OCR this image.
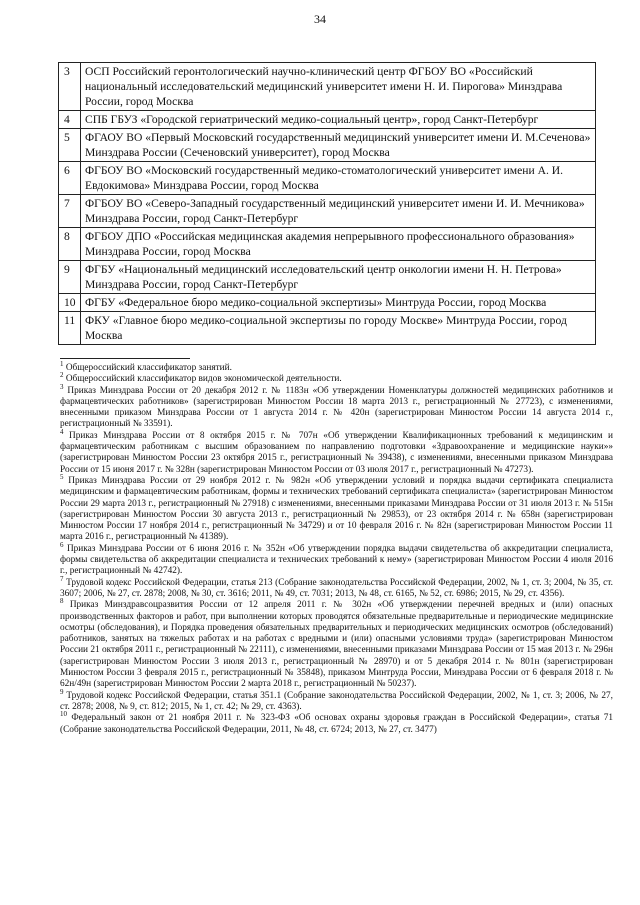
34
3	ОСП Российский геронтологический научно-клинический центр ФГБОУ ВО «Российский национальный исследовательский медицинский университет имени Н. И. Пирогова» Минздрава России, город Москва
4	СПБ ГБУЗ «Городской гериатрический медико-социальный центр», город Санкт-Петербург
5	ФГАОУ ВО «Первый Московский государственный медицинский университет имени И. М.Сеченова» Минздрава России (Сеченовский университет), город Москва
6	ФГБОУ ВО «Московский государственный медико-стоматологический университет имени А. И. Евдокимова» Минздрава России, город Москва
7	ФГБОУ ВО «Северо-Западный государственный медицинский университет имени И. И. Мечникова» Минздрава России, город Санкт-Петербург
8	ФГБОУ ДПО «Российская медицинская академия непрерывного профессионального образования» Минздрава России, город Москва
9	ФГБУ «Национальный медицинский исследовательский центр онкологии имени Н. Н. Петрова» Минздрава России, город Санкт-Петербург
10	ФГБУ «Федеральное бюро медико-социальной экспертизы» Минтруда России, город Москва
11	ФКУ «Главное бюро медико-социальной экспертизы по городу Москве» Минтруда России, город Москва

$^1$ Общероссийский классификатор занятий.

$^2$ Общероссийский классификатор видов экономической деятельности.

$^3$ Приказ Минздрава России от 20 декабря 2012 г. № 1183н «Об утверждении Номенклатуры должностей медицинских работников и фармацевтических работников» (зарегистрирован Минюстом России 18 марта 2013 г., регистрационный № 27723), с изменениями, внесенными приказом Минздрава России от 1 августа 2014 г. № 420н (зарегистрирован Минюстом России 14 августа 2014 г., регистрационный № 33591).

$^4$ Приказ Минздрава России от 8 октября 2015 г. № 707н «Об утверждении Квалификационных требований к медицинским и фармацевтическим работникам с высшим образованием по направлению подготовки «Здравоохранение и медицинские науки»» (зарегистрирован Минюстом России 23 октября 2015 г., регистрационный № 39438), с изменениями, внесенными приказом Минздрава России от 15 июня 2017 г. № 328н (зарегистрирован Минюстом России от 03 июля 2017 г., регистрационный № 47273).

$^5$ Приказ Минздрава России от 29 ноября 2012 г. № 982н «Об утверждении условий и порядка выдачи сертификата специалиста медицинским и фармацевтическим работникам, формы и технических требований сертификата специалиста» (зарегистрирован Минюстом России 29 марта 2013 г., регистрационный № 27918) с изменениями, внесенными приказами Минздрава России от 31 июля 2013 г. № 515н (зарегистрирован Минюстом России 30 августа 2013 г., регистрационный № 29853), от 23 октября 2014 г. № 658н (зарегистрирован Минюстом России 17 ноября 2014 г., регистрационный № 34729) и от 10 февраля 2016 г. № 82н (зарегистрирован Минюстом России 11 марта 2016 г., регистрационный № 41389).

$^6$ Приказ Минздрава России от 6 июня 2016 г. № 352н «Об утверждении порядка выдачи свидетельства об аккредитации специалиста, формы свидетельства об аккредитации специалиста и технических требований к нему» (зарегистрирован Минюстом России 4 июля 2016 г., регистрационный № 42742).

$^7$ Трудовой кодекс Российской Федерации, статья 213 (Собрание законодательства Российской Федерации, 2002, № 1, ст. 3; 2004, № 35, ст. 3607; 2006, № 27, ст. 2878; 2008, № 30, ст. 3616; 2011, № 49, ст. 7031; 2013, № 48, ст. 6165, № 52, ст. 6986; 2015, № 29, ст. 4356).

$^8$ Приказ Минздравсоцразвития России от 12 апреля 2011 г. № 302н «Об утверждении перечней вредных и (или) опасных производственных факторов и работ, при выполнении которых проводятся обязательные предварительные и периодические медицинские осмотры (обследования), и Порядка проведения обязательных предварительных и периодических медицинских осмотров (обследований) работников, занятых на тяжелых работах и на работах с вредными и (или) опасными условиями труда» (зарегистрирован Минюстом России 21 октября 2011 г., регистрационный № 22111), с изменениями, внесенными приказами Минздрава России от 15 мая 2013 г. № 296н (зарегистрирован Минюстом России 3 июля 2013 г., регистрационный № 28970) и от 5 декабря 2014 г. № 801н (зарегистрирован Минюстом России 3 февраля 2015 г., регистрационный № 35848), приказом Минтруда России, Минздрава России от 6 февраля 2018 г. № 62н/49н (зарегистрирован Минюстом России 2 марта 2018 г., регистрационный № 50237).

$^9$ Трудовой кодекс Российской Федерации, статья 351.1 (Собрание законодательства Российской Федерации, 2002, № 1, ст. 3; 2006, № 27, ст. 2878; 2008, № 9, ст. 812; 2015, № 1, ст. 42; № 29, ст. 4363).

$^{10}$ Федеральный закон от 21 ноября 2011 г. № 323-ФЗ «Об основах охраны здоровья граждан в Российской Федерации», статья 71 (Собрание законодательства Российской Федерации, 2011, № 48, ст. 6724; 2013, № 27, ст. 3477)
